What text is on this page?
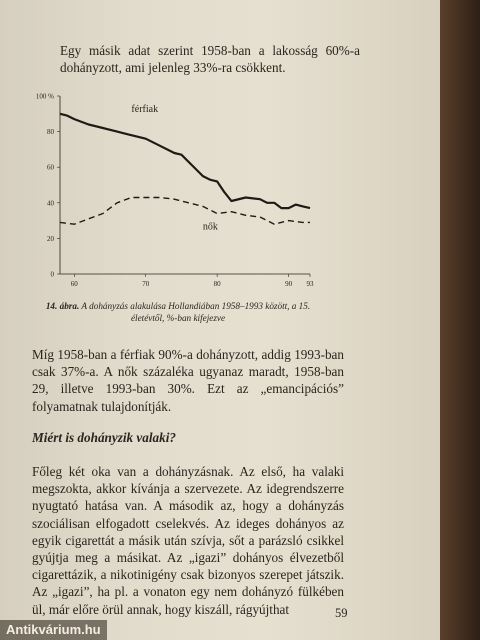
Egy másik adat szerint 1958-ban a lakosság 60%-a dohányzott, ami jelenleg 33%-ra csökkent.

100 %
80
60
40
20
0
60	70	80	90 93
férfiak
nők

14. ábra. A dohányzás alakulása Hollandiában 1958–1993 között, a 15. életévtől, %-ban kifejezve

Míg 1958-ban a férfiak 90%-a dohányzott, addig 1993-ban csak 37%-a. A nők százaléka ugyanaz maradt, 1958-ban 29, illetve 1993-ban 30%. Ezt az „emancipációs” folyamatnak tulajdonítják.

Miért is dohányzik valaki?

Főleg két oka van a dohányzásnak. Az első, ha valaki megszokta, akkor kívánja a szervezete. Az idegrendszerre nyugtató hatása van. A második az, hogy a dohányzás szociálisan elfogadott cselekvés. Az ideges dohányos az egyik cigarettát a másik után szívja, sőt a parázsló csikkel gyújtja meg a másikat. Az „igazi” dohányos élvezetből cigarettázik, a nikotinigény csak bizonyos szerepet játszik. Az „igazi”, ha pl. a vonaton egy nem dohányzó fülkében ül, már előre örül annak, hogy kiszáll, rágyújthat	59
Antikvárium.hu
